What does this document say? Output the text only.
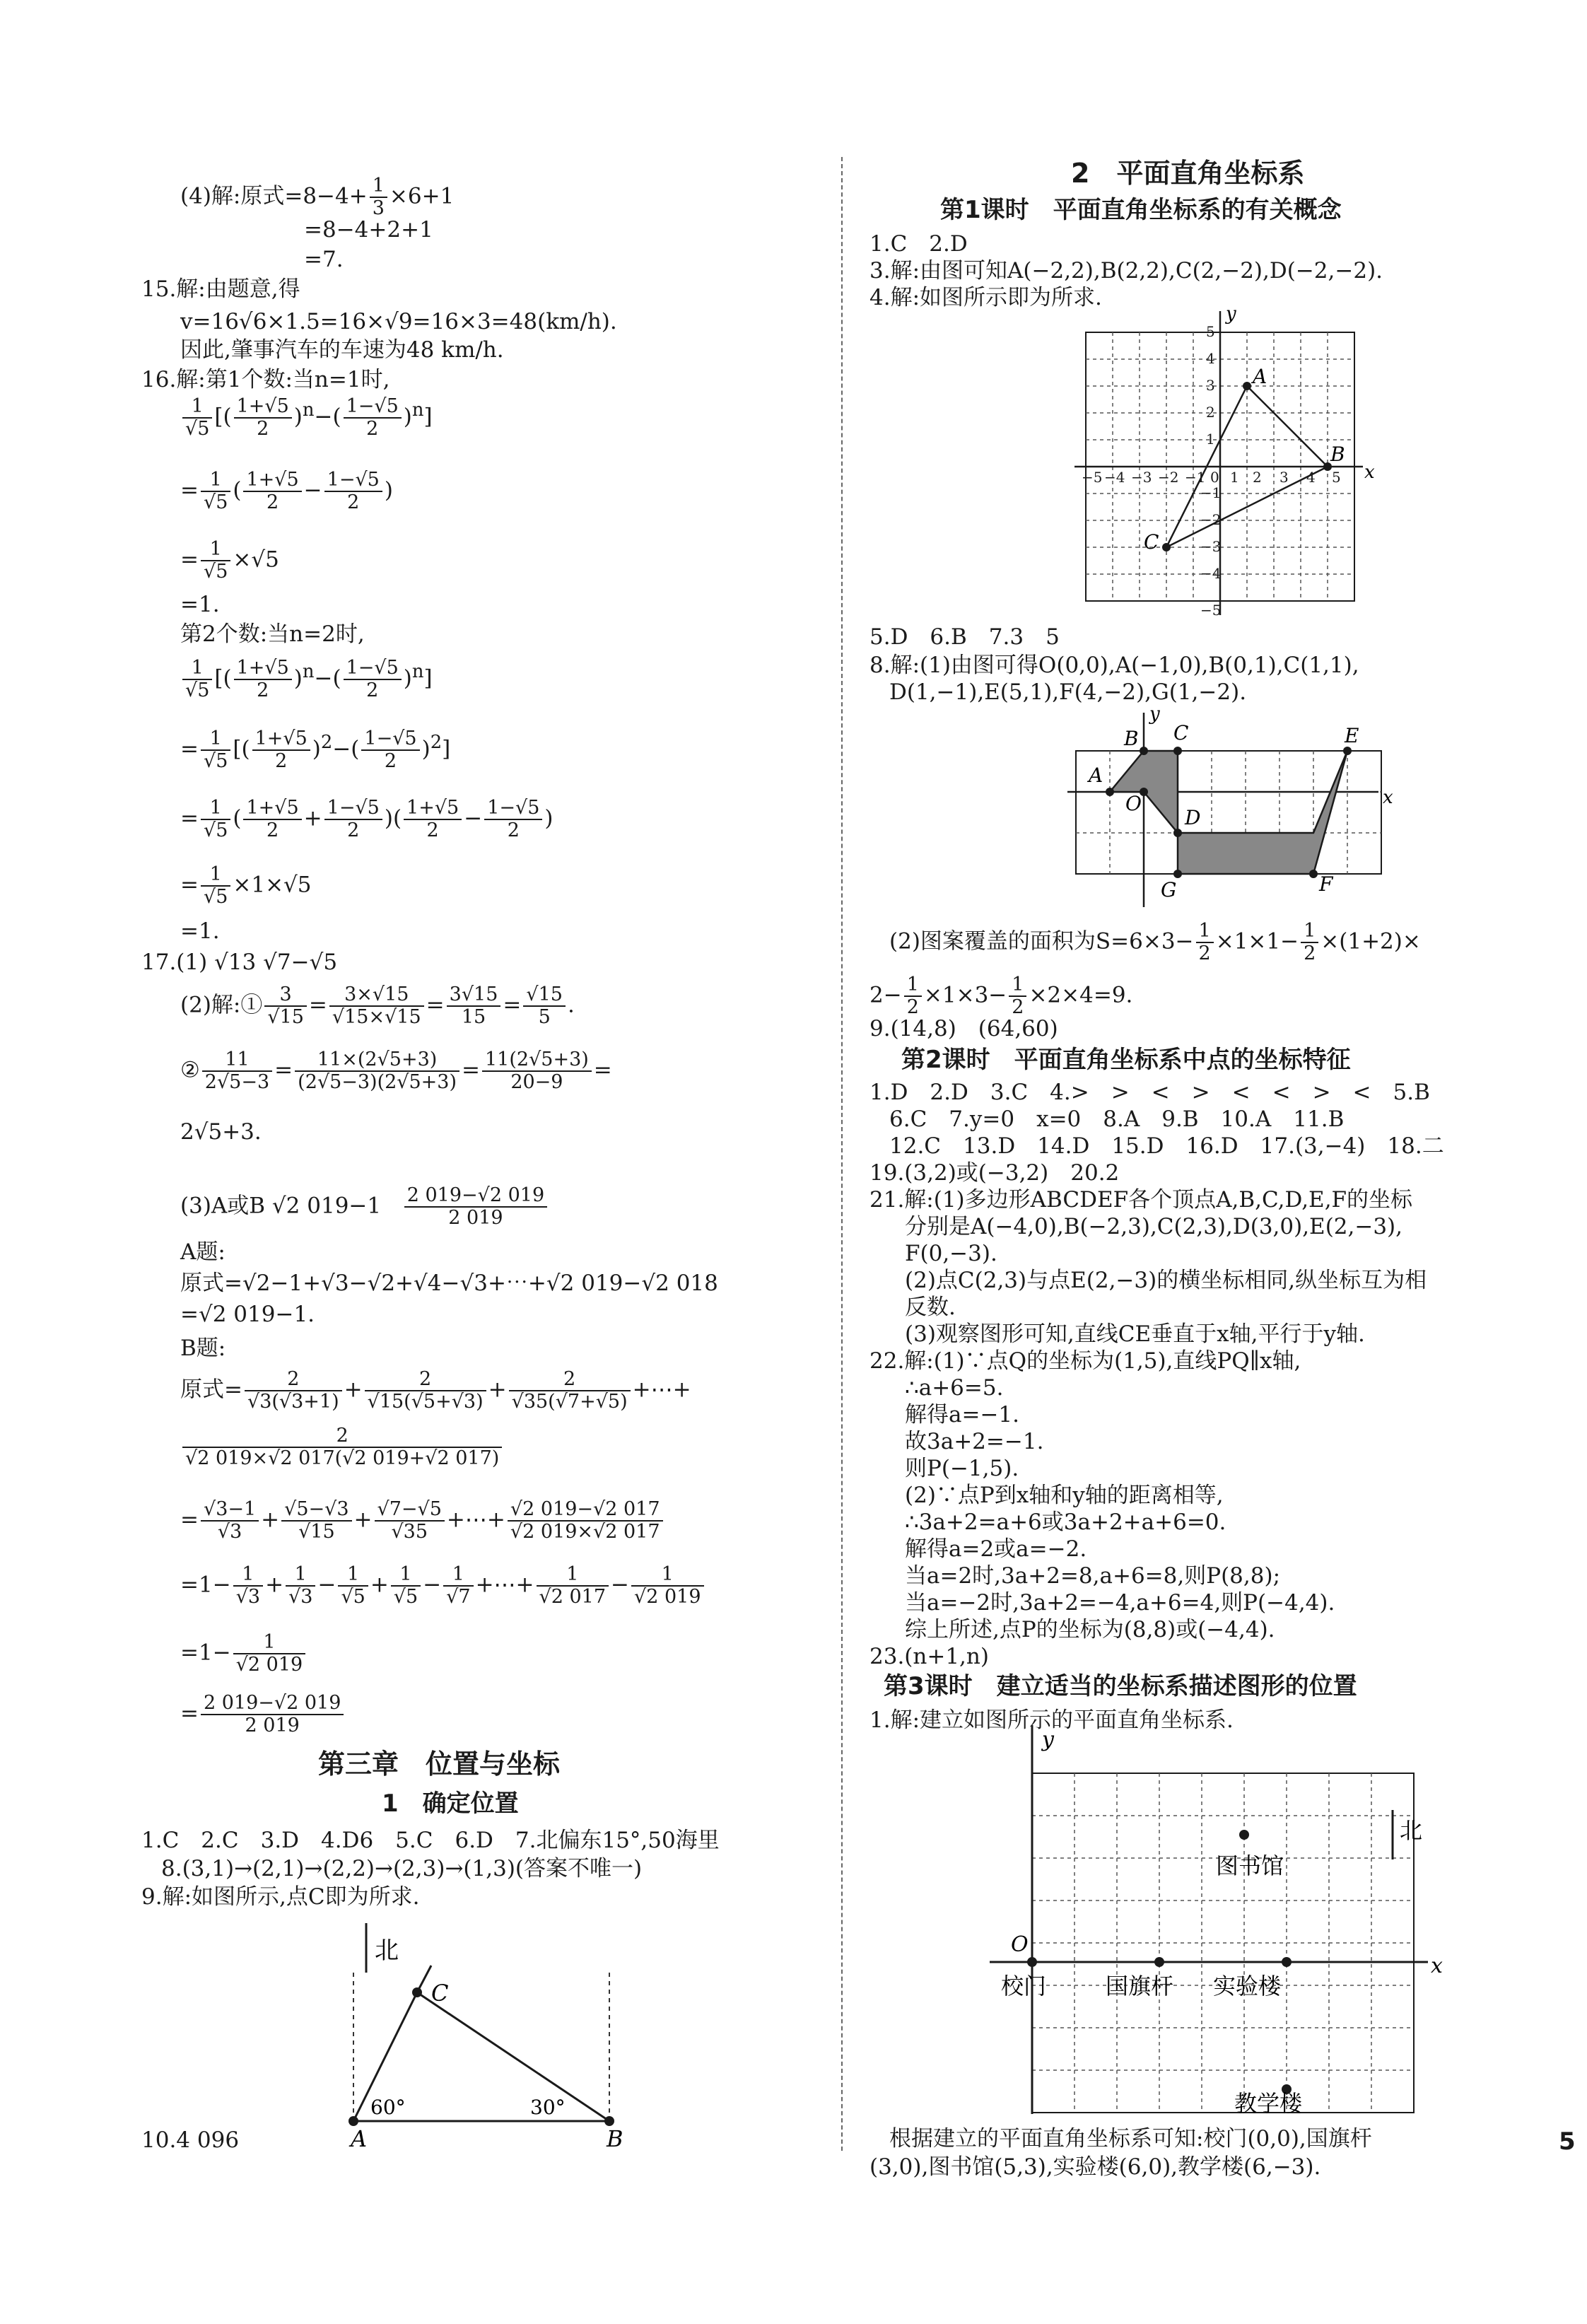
(4)解:原式$=8-4+ \frac{1}{3} \times 6+1$
=8−4+2+1
=7.
15.解:由题意,得
v=16√6×1.5=16×√9=16×3=48(km/h).
因此,肇事汽车的车速为48 km/h.
16.解:第1个数:当n=1时,
$\frac{1}{√5}$ [( $\frac{1+√5}{2} )^n-( \frac{1-√5}{2} )^n$]
= $\frac{1}{√5}$ ( $\frac{1+√5}{2} - \frac{1-√5}{2}$ )
= $\frac{1}{√5} \times√5$
=1.
第2个数:当n=2时,
$\frac{1}{√5}$ [( $\frac{1+√5}{2} )^n-( \frac{1-√5}{2} )^n$]
= $\frac{1}{√5}$ [( $\frac{1+√5}{2} )^2-( \frac{1-√5}{2} )^2$]
= $\frac{1}{√5}$ ( $\frac{1+√5}{2} + \frac{1-√5}{2}$ )( $\frac{1+√5}{2} - \frac{1-√5}{2}$ )
= $\frac{1}{√5} \times 1\times√5$
=1.
17.(1) √13 √7−√5
(2)解:① $\frac{3}{√15} = \frac{3\times√15}{√15\times√15} = \frac{3√15}{15} = \frac{√15}{5}$ .
② $\frac{11}{2√5-3} = \frac{11\times(2√5+3)}{(2√5-3)(2√5+3)} = \frac{11(2√5+3)}{20-9}$ =
2√5+3.
(3)A或B √2 $019-1 \frac{2 019-√2 019}{2 019}$
A题:
原式=√2−1+√3−√2+√4−√3+⋯+√2 019−√2 018
=√2 019−1.
B题:
原式= $\frac{2}{√3(√3+1)} + \frac{2}{√15(√5+√3)} + \frac{2}{√35(√7+√5)}$ +⋯+
$\frac{2}{√2 019\times√2 017(√2 019+√2 017)}$
= $\frac{√3-1}{√3} + \frac{√5-√3}{√15} + \frac{√7-√5}{√35}$ +⋯+ $\frac{√2 019-√2 017}{√2 019\times√2 017}$
$=1- \frac{1}{√3} + \frac{1}{√3} - \frac{1}{√5} + \frac{1}{√5} - \frac{1}{√7}$ +⋯+ $\frac{1}{√2 017} - \frac{1}{√2 019}$
$=1- \frac{1}{√2 019}$
= $\frac{2 019-√2 019}{2 019}$
第三章　位置与坐标
1　确定位置
1.C　2.C　3.D　4.D6　5.C　6.D　7.北偏东15°,50海里
8.(3,1)→(2,1)→(2,2)→(2,3)→(1,3)(答案不唯一)
9.解:如图所示,点C即为所求.
北
C
A	B
60°	30°
10.4 096
2　平面直角坐标系
第1课时　平面直角坐标系的有关概念
1.C　2.D
3.解:由图可知A(−2,2),B(2,2),C(2,−2),D(−2,−2).
4.解:如图所示即为所求.
x
y
A
B
C
−5 −4 −3 −2 −1 0 1 2 3 4 5
5
4
3
2
1
−1
−2
−3
−4
−5
5.D　6.B　7.3　5
8.解:(1)由图可得O(0,0),A(−1,0),B(0,1),C(1,1),
D(1,−1),E(5,1),F(4,−2),G(1,−2).
x
y
A
B C
D
E
F
G
O
(2)图案覆盖的面积为$S=6\times 3- \frac{1}{2} \times 1\times 1- \frac{1}{2} \times(1+2)\times$
$2- \frac{1}{2} \times 1\times 3- \frac{1}{2} \times 2\times 4=9$.
9.(14,8)　(64,60)
第2课时　平面直角坐标系中点的坐标特征
1.D　2.D　3.C　4.>　>　<　>　<　<　>　<　5.B
6.C　7.y=0　x=0　8.A　9.B　10.A　11.B
12.C　13.D　14.D　15.D　16.D　17.(3,−4)　18.二
19.(3,2)或(−3,2)　20.2
21.解:(1)多边形ABCDEF各个顶点A,B,C,D,E,F的坐标
分别是A(−4,0),B(−2,3),C(2,3),D(3,0),E(2,−3),
F(0,−3).
(2)点C(2,3)与点E(2,−3)的横坐标相同,纵坐标互为相
反数.
(3)观察图形可知,直线CE垂直于x轴,平行于y轴.
22.解:(1)∵点Q的坐标为(1,5),直线PQ∥x轴,
∴a+6=5.
解得a=−1.
故3a+2=−1.
则P(−1,5).
(2)∵点P到x轴和y轴的距离相等,
∴3a+2=a+6或3a+2+a+6=0.
解得a=2或a=−2.
当a=2时,3a+2=8,a+6=8,则P(8,8);
当a=−2时,3a+2=−4,a+6=4,则P(−4,4).
综上所述,点P的坐标为(8,8)或(−4,4).
23.(n+1,n)
第3课时　建立适当的坐标系描述图形的位置
1.解:建立如图所示的平面直角坐标系.
y
x
O
北
图书馆
校门	国旗杆 实验楼
教学楼
根据建立的平面直角坐标系可知:校门(0,0),国旗杆
(3,0),图书馆(5,3),实验楼(6,0),教学楼(6,−3).
5
